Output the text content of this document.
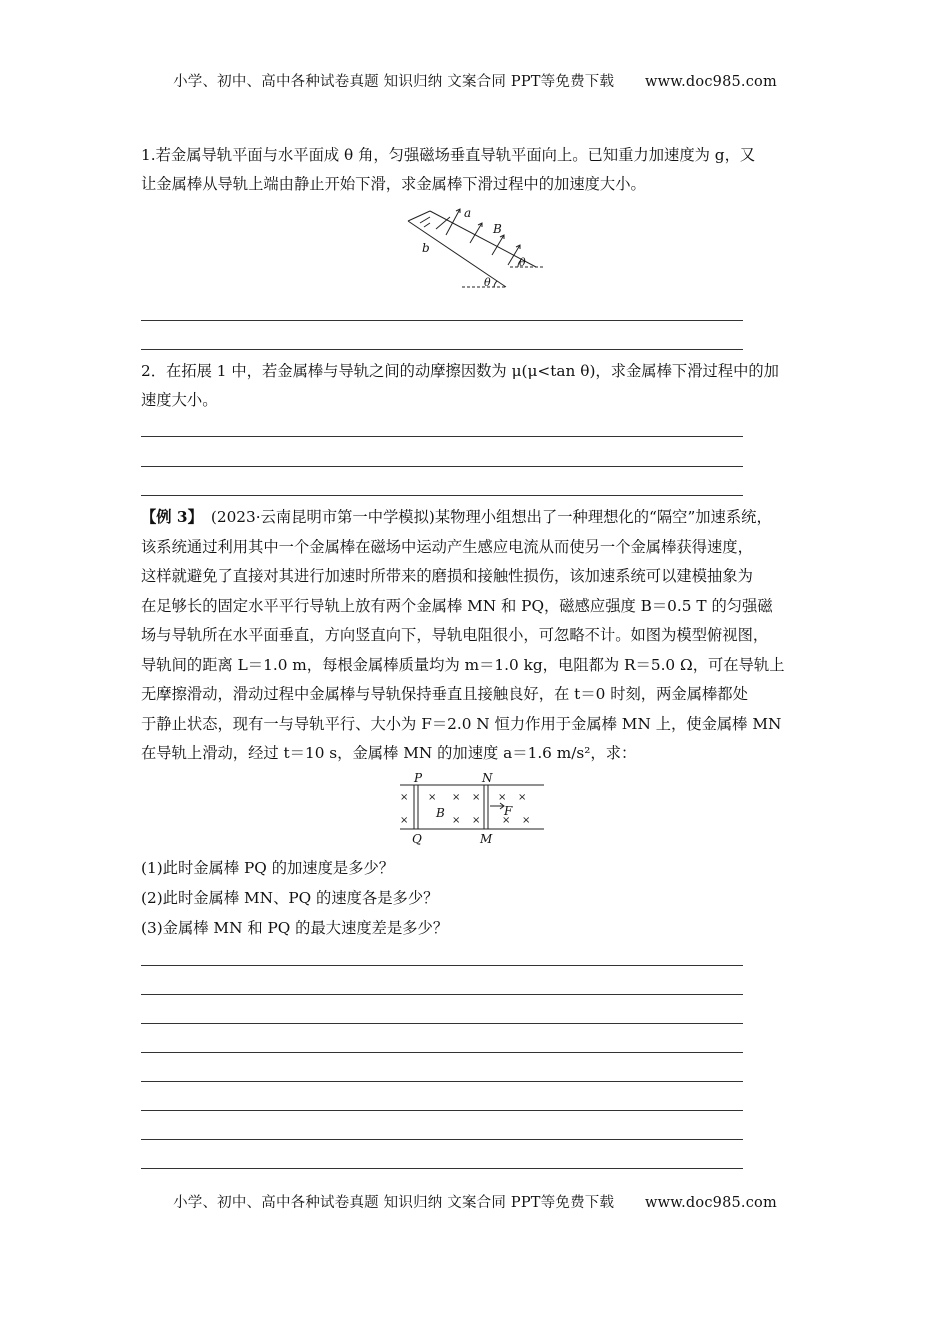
小学、初中、高中各种试卷真题 知识归纳 文案合同 PPT等免费下载 www.doc985.com
1.若金属导轨平面与水平面成 θ 角，匀强磁场垂直导轨平面向上。已知重力加速度为 g，又
让金属棒从导轨上端由静止开始下滑，求金属棒下滑过程中的加速度大小。
a
b
B
θ
θ
2．在拓展 1 中，若金属棒与导轨之间的动摩擦因数为 μ(μ<tan θ)，求金属棒下滑过程中的加
速度大小。
【例 3】 (2023·云南昆明市第一中学模拟)某物理小组想出了一种理想化的“隔空”加速系统，
该系统通过利用其中一个金属棒在磁场中运动产生感应电流从而使另一个金属棒获得速度，
这样就避免了直接对其进行加速时所带来的磨损和接触性损伤，该加速系统可以建模抽象为
在足够长的固定水平平行导轨上放有两个金属棒 MN 和 PQ，磁感应强度 B＝0.5 T 的匀强磁
场与导轨所在水平面垂直，方向竖直向下，导轨电阻很小，可忽略不计。如图为模型俯视图，
导轨间的距离 L＝1.0 m，每根金属棒质量均为 m＝1.0 kg，电阻都为 R＝5.0 Ω，可在导轨上
无摩擦滑动，滑动过程中金属棒与导轨保持垂直且接触良好，在 t＝0 时刻，两金属棒都处
于静止状态，现有一与导轨平行、大小为 F＝2.0 N 恒力作用于金属棒 MN 上，使金属棒 MN
在导轨上滑动，经过 t＝10 s，金属棒 MN 的加速度 a＝1.6 m/s²，求：
×
×
× × ×
× ×
× ×
× ×
P	N
Q	M
B	F
(1)此时金属棒 PQ 的加速度是多少？
(2)此时金属棒 MN、PQ 的速度各是多少？
(3)金属棒 MN 和 PQ 的最大速度差是多少？
小学、初中、高中各种试卷真题 知识归纳 文案合同 PPT等免费下载 www.doc985.com
